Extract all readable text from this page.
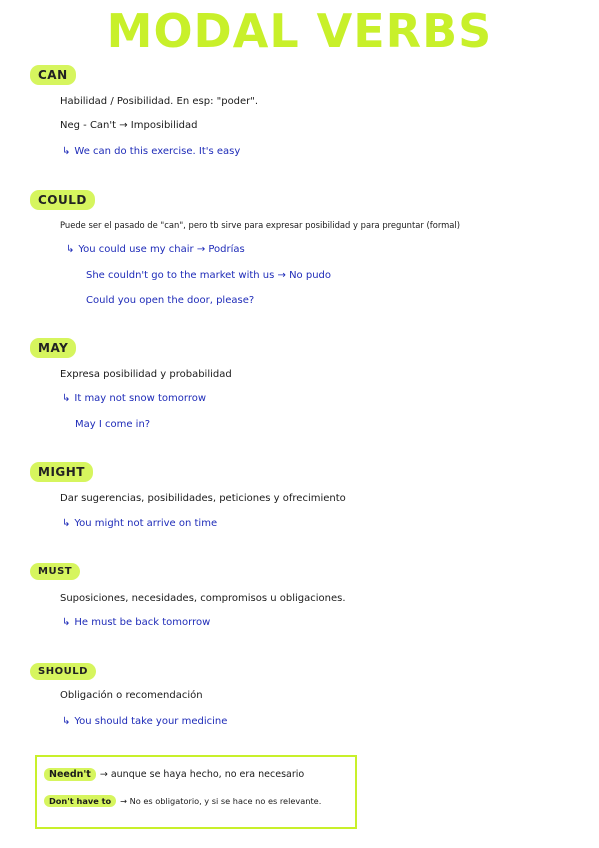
MODAL VERBS
CAN
Habilidad / Posibilidad. En esp: "poder".
Neg - Can't → Imposibilidad
↳ We can do this exercise. It's easy
COULD
Puede ser el pasado de "can", pero tb sirve para expresar posibilidad y para preguntar (formal)
↳ You could use my chair → Podrías
She couldn't go to the market with us → No pudo
Could you open the door, please?
MAY
Expresa posibilidad y probabilidad
↳ It may not snow tomorrow
May I come in?
MIGHT
Dar sugerencias, posibilidades, peticiones y ofrecimiento
↳ You might not arrive on time
MUST
Suposiciones, necesidades, compromisos u obligaciones.
↳ He must be back tomorrow
SHOULD
Obligación o recomendación
↳ You should take your medicine
Needn't → aunque se haya hecho, no era necesario
Don't have to → No es obligatorio, y si se hace no es relevante.
